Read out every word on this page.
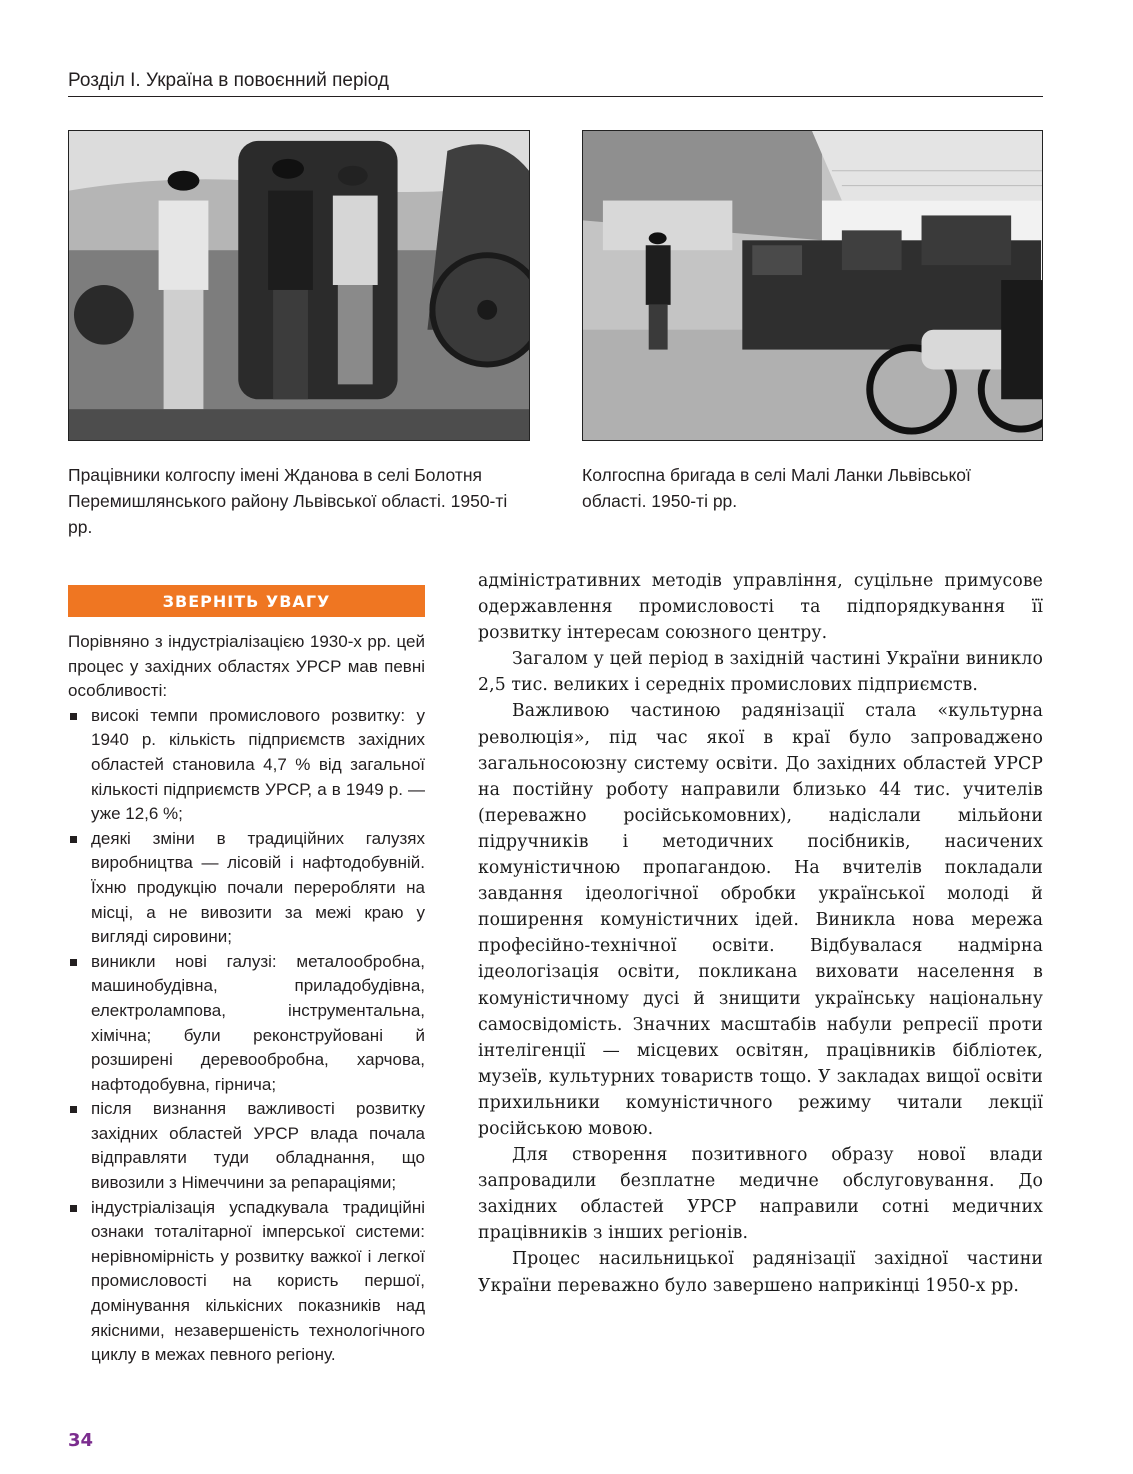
Розділ І. Україна в повоєнний період
Працівники колгоспу імені Жданова в селі Болотня Перемишлянського району Львівської області. 1950-ті рр.
Колгоспна бригада в селі Малі Ланки Львівської області. 1950-ті рр.
ЗВЕРНІТЬ УВАГУ

Порівняно з індустріалізацією 1930-х рр. цей процес у західних областях УРСР мав певні особливості:

високі темпи промислового розвитку: у 1940 р. кількість підприємств західних областей становила 4,7 % від загальної кількості підприємств УРСР, а в 1949 р. — уже 12,6 %;
деякі зміни в традиційних галузях виробництва — лісовій і нафтодобувній. Їхню продукцію почали переробляти на місці, а не вивозити за межі краю у вигляді сировини;
виникли нові галузі: металообробна, машинобудівна, приладобудівна, електролампова, інструментальна, хімічна; були реконструйовані й розширені деревообробна, харчова, нафтодобувна, гірнича;
після визнання важливості розвитку західних областей УРСР влада почала відправляти туди обладнання, що вивозили з Німеччини за репараціями;
індустріалізація успадкувала традиційні ознаки тоталітарної імперської системи: нерівномірність у розвитку важкої і легкої промисловості на користь першої, домінування кількісних показників над якісними, незавершеність технологічного циклу в межах певного регіону.

адміністративних методів управління, суцільне примусове одержавлення промисловості та підпорядкування її розвитку інтересам союзного центру.

Загалом у цей період в західній частині України виникло 2,5 тис. великих і середніх промислових підприємств.

Важливою частиною радянізації стала «культурна революція», під час якої в краї було запроваджено загальносоюзну систему освіти. До західних областей УРСР на постійну роботу направили близько 44 тис. учителів (переважно російськомовних), надіслали мільйони підручників і методичних посібників, насичених комуністичною пропагандою. На вчителів покладали завдання ідеологічної обробки української молоді й поширення комуністичних ідей. Виникла нова мережа професійно-технічної освіти. Відбувалася надмірна ідеологізація освіти, покликана виховати населення в комуністичному дусі й знищити українську національну самосвідомість. Значних масштабів набули репресії проти інтелігенції — місцевих освітян, працівників бібліотек, музеїв, культурних товариств тощо. У закладах вищої освіти прихильники комуністичного режиму читали лекції російською мовою.

Для створення позитивного образу нової влади запровадили безплатне медичне обслуговування. До західних областей УРСР направили сотні медичних працівників з інших регіонів.

Процес насильницької радянізації західної частини України переважно було завершено наприкінці 1950-х рр.

34
